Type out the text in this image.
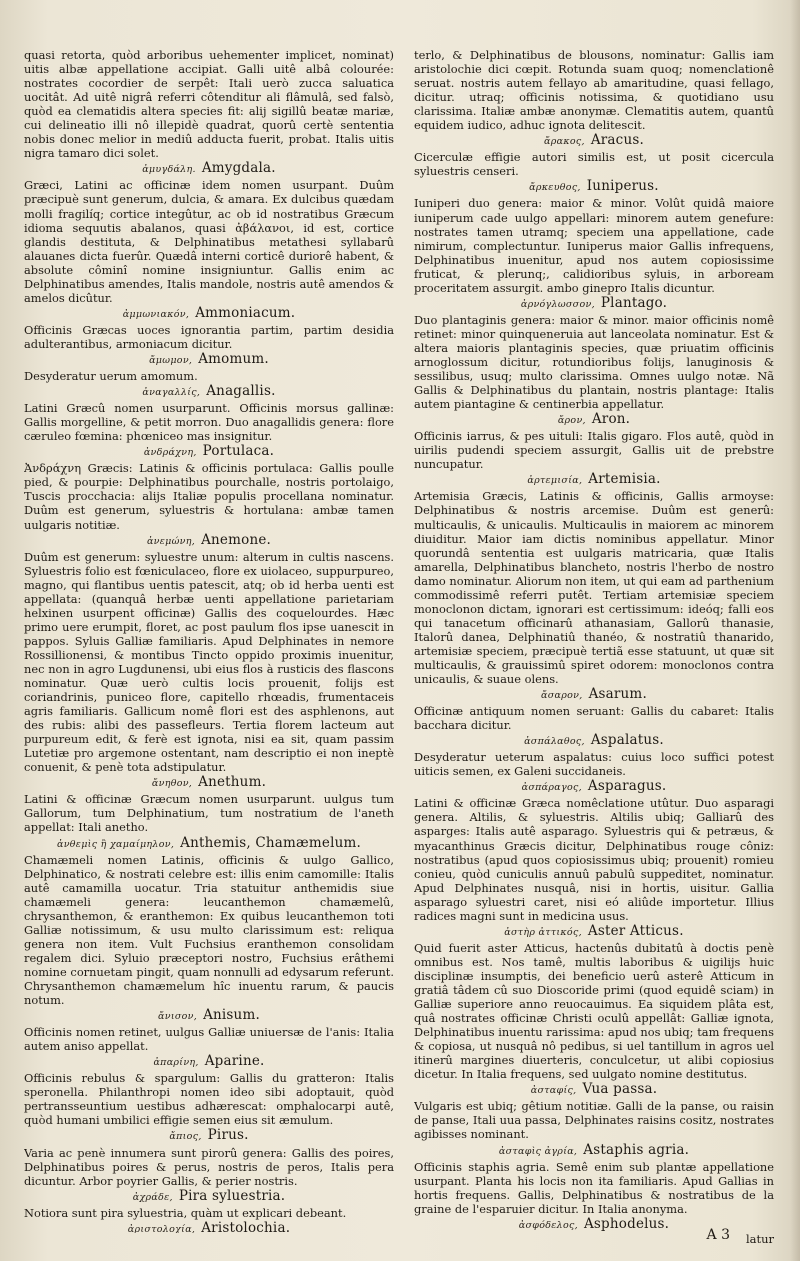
quasi retorta, quòd arboribus uehementer implicet, nominat) uitis albæ appellatione accipiat. Galli uitê albâ colourée: nostrates cocordier de serpêt: Itali uerò zucca saluatica uocitât. Ad uitê nigrâ referri côtenditur ali flâmulâ, sed falsò, quòd ea clematidis altera species fit: alij sigillû beatæ mariæ, cui delineatio illi nô illepidè quadrat, quorû certè sententia nobis donec melior in mediû adducta fuerit, probat. Italis uitis nigra tamaro dici solet.

ἀμυγδάλη. Amygdala.

Græci, Latini ac officinæ idem nomen usurpant. Duûm præcipuè sunt generum, dulcia, & amara. Ex dulcibus quædam molli fragilíq; cortice integûtur, ac ob id nostratibus Græcum idioma sequutis abalanos, quasi ἀβάλανοι, id est, cortice glandis destituta, & Delphinatibus metathesi syllabarû alauanes dicta fuerûr. Quædâ interni corticê duriorê habent, & absolute côminî nomine insigniuntur. Gallis enim ac Delphinatibus amendes, Italis mandole, nostris autê amendos & amelos dicûtur.

ἀμμωνιακόν, Ammoniacum.

Officinis Græcas uoces ignorantia partim, partim desidia adulterantibus, armoniacum dicitur.

ἄμωμον, Amomum.

Desyderatur uerum amomum.

ἀναγαλλίς, Anagallis.

Latini Græcû nomen usurparunt. Officinis morsus gallinæ: Gallis morgelline, & petit morron. Duo anagallidis genera: flore cæruleo fœmina: phœniceo mas insignitur.

ἀνδράχνη, Portulaca.

Ἀνδράχνη Græcis: Latinis & officinis portulaca: Gallis poulle pied, & pourpie: Delphinatibus pourchalle, nostris portolaigo, Tuscis procchacia: alijs Italiæ populis procellana nominatur. Duûm est generum, syluestris & hortulana: ambæ tamen uulgaris notitiæ.

ἀνεμώνη, Anemone.

Duûm est generum: syluestre unum: alterum in cultis nascens. Syluestris folio est fœniculaceo, flore ex uiolaceo, suppurpureo, magno, qui flantibus uentis patescit, atq; ob id herba uenti est appellata: (quanquâ herbæ uenti appellatione parietariam helxinen usurpent officinæ) Gallis des coquelourdes. Hæc primo uere erumpit, floret, ac post paulum flos ipse uanescit in pappos. Syluis Galliæ familiaris. Apud Delphinates in nemore Rossillionensi, & montibus Tincto oppido proximis inuenitur, nec non in agro Lugdunensi, ubi eius flos à rusticis des flascons nominatur. Quæ uerò cultis locis prouenit, folijs est coriandrinis, puniceo flore, capitello rhœadis, frumentaceis agris familiaris. Gallicum nomê flori est des asphlenons, aut des rubis: alibi des passefleurs. Tertia florem lacteum aut purpureum edit, & ferè est ignota, nisi ea sit, quam passim Lutetiæ pro argemone ostentant, nam descriptio ei non ineptè conuenit, & penè tota adstipulatur.

ἄνηθον, Anethum.

Latini & officinæ Græcum nomen usurparunt. uulgus tum Gallorum, tum Delphinatium, tum nostratium de l'aneth appellat: Itali anetho.

ἀνθεμὶς ἢ χαμαίμηλον, Anthemis, Chamæmelum.

Chamæmeli nomen Latinis, officinis & uulgo Gallico, Delphinatico, & nostrati celebre est: illis enim camomille: Italis autê camamilla uocatur. Tria statuitur anthemidis siue chamæmeli genera: leucanthemon chamæmelû, chrysanthemon, & eranthemon: Ex quibus leucanthemon toti Galliæ notissimum, & usu multo clarissimum est: reliqua genera non item. Vult Fuchsius eranthemon consolidam regalem dici. Syluio præceptori nostro, Fuchsius erâthemi nomine cornuetam pingit, quam nonnulli ad edysarum referunt. Chrysanthemon chamæmelum hîc inuentu rarum, & paucis notum.

ἄνισον, Anisum.

Officinis nomen retinet, uulgus Galliæ uniuersæ de l'anis: Italia autem aniso appellat.

ἀπαρίνη, Aparine.

Officinis rebulus & spargulum: Gallis du gratteron: Italis speronella. Philanthropi nomen ideo sibi adoptauit, quòd pertransseuntium uestibus adhærescat: omphalocarpi autê, quòd humani umbilici effigie semen eius sit æmulum.

ἄπιος, Pirus.

Varia ac penè innumera sunt pirorû genera: Gallis des poires, Delphinatibus poires & perus, nostris de peros, Italis pera dicuntur. Arbor poyrier Gallis, & perier nostris.

ἀχράδε, Pira syluestria.

Notiora sunt pira syluestria, quàm ut explicari debeant.

ἀριστολοχία, Aristolochia.

terlo, & Delphinatibus de blousons, nominatur: Gallis iam aristolochie dici cœpit. Rotunda suam quoq; nomenclationê seruat. nostris autem fellayo ab amaritudine, quasi fellago, dicitur. utraq; officinis notissima, & quotidiano usu clarissima. Italiæ ambæ anonymæ. Clematitis autem, quantû equidem iudico, adhuc ignota delitescit.

ἄρακος, Aracus.

Cicerculæ effigie autori similis est, ut posit cicercula syluestris censeri.

ἄρκευθος, Iuniperus.

Iuniperi duo genera: maior & minor. Volût quidâ maiore iuniperum cade uulgo appellari: minorem autem genefure: nostrates tamen utramq; speciem una appellatione, cade nimirum, complectuntur. Iuniperus maior Gallis infrequens, Delphinatibus inuenitur, apud nos autem copiosissime fruticat, & plerunq;, calidioribus syluis, in arboream proceritatem assurgit. ambo ginepro Italis dicuntur.

ἀρνόγλωσσον, Plantago.

Duo plantaginis genera: maior & minor. maior officinis nomê retinet: minor quinqueneruia aut lanceolata nominatur. Est & altera maioris plantaginis species, quæ priuatim officinis arnoglossum dicitur, rotundioribus folijs, lanuginosis & sessilibus, usuq; multo clarissima. Omnes uulgo notæ. Nã Gallis & Delphinatibus du plantain, nostris plantage: Italis autem piantagine & centinerbia appellatur.

ἄρον, Aron.

Officinis iarrus, & pes uituli: Italis gigaro. Flos autê, quòd in uirilis pudendi speciem assurgit, Gallis uit de prebstre nuncupatur.

ἀρτεμισία, Artemisia.

Artemisia Græcis, Latinis & officinis, Gallis armoyse: Delphinatibus & nostris arcemise. Duûm est generû: multicaulis, & unicaulis. Multicaulis in maiorem ac minorem diuiditur. Maior iam dictis nominibus appellatur. Minor quorundâ sententia est uulgaris matricaria, quæ Italis amarella, Delphinatibus blancheto, nostris l'herbo de nostro damo nominatur. Aliorum non item, ut qui eam ad parthenium commodissimê referri putêt. Tertiam artemisiæ speciem monoclonon dictam, ignorari est certissimum: ideóq; falli eos qui tanacetum officinarû athanasiam, Gallorû thanasie, Italorû danea, Delphinatiû thanéo, & nostratiû thanarido, artemisiæ speciem, præcipuè tertiã esse statuunt, ut quæ sit multicaulis, & grauissimû spiret odorem: monoclonos contra unicaulis, & suaue olens.

ἄσαρον, Asarum.

Officinæ antiquum nomen seruant: Gallis du cabaret: Italis bacchara dicitur.

ἀσπάλαθος, Aspalatus.

Desyderatur ueterum aspalatus: cuius loco suffici potest uiticis semen, ex Galeni succidaneis.

ἀσπάραγος, Asparagus.

Latini & officinæ Græca nomêclatione utûtur. Duo asparagi genera. Altilis, & syluestris. Altilis ubiq; Galliarû des asparges: Italis autê asparago. Syluestris qui & petræus, & myacanthinus Græcis dicitur, Delphinatibus rouge côniz: nostratibus (apud quos copiosissimus ubiq; prouenit) romieu conieu, quòd cuniculis annuû pabulû suppeditet, nominatur. Apud Delphinates nusquâ, nisi in hortis, uisitur. Gallia asparago syluestri caret, nisi eó aliûde importetur. Illius radices magni sunt in medicina usus.

ἀστὴρ ἀττικός, Aster Atticus.

Quid fuerit aster Atticus, hactenûs dubitatû à doctis penè omnibus est. Nos tamê, multis laboribus & uigilijs huic disciplinæ insumptis, dei beneficio uerû asterê Atticum in gratiâ tâdem cû suo Dioscoride primi (quod equidê sciam) in Galliæ superiore anno reuocauimus. Ea siquidem plâta est, quâ nostrates officinæ Christi oculû appellât: Galliæ ignota, Delphinatibus inuentu rarissima: apud nos ubiq; tam frequens & copiosa, ut nusquâ nô pedibus, si uel tantillum in agros uel itinerû margines diuerteris, conculcetur, ut alibi copiosius dicetur. In Italia frequens, sed uulgato nomine destitutus.

ἀσταφίς, Vua passa.

Vulgaris est ubiq; gêtium notitiæ. Galli de la panse, ou raisin de panse, Itali uua passa, Delphinates raisins cositz, nostrates agibisses nominant.

ἀσταφὶς ἀγρία, Astaphis agria.

Officinis staphis agria. Semê enim sub plantæ appellatione usurpant. Planta his locis non ita familiaris. Apud Gallias in hortis frequens. Gallis, Delphinatibus & nostratibus de la graine de l'esparuier dicitur. In Italia anonyma.

ἀσφόδελος, Asphodelus.

A 3 latur
